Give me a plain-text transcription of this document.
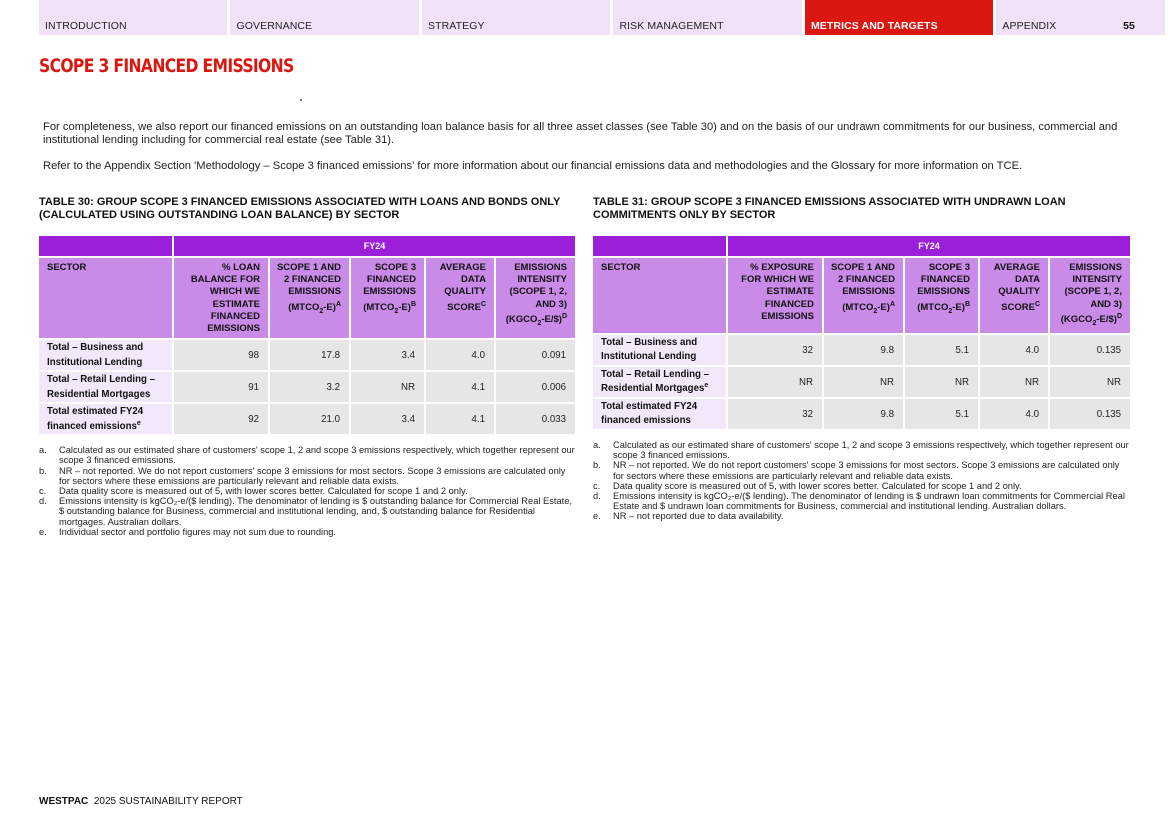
INTRODUCTION	GOVERNANCE	STRATEGY	RISK MANAGEMENT	METRICS AND TARGETS	APPENDIX	55
SCOPE 3 FINANCED EMISSIONS

For completeness, we also report our financed emissions on an outstanding loan balance basis for all three asset classes (see Table 30) and on the basis of our undrawn commitments for our business, commercial and institutional lending including for commercial real estate (see Table 31).

Refer to the Appendix Section 'Methodology – Scope 3 financed emissions' for more information about our financial emissions data and methodologies and the Glossary for more information on TCE.

TABLE 30: GROUP SCOPE 3 FINANCED EMISSIONS ASSOCIATED WITH LOANS AND BONDS ONLY (CALCULATED USING OUTSTANDING LOAN BALANCE) BY SECTOR
	FY24				
SECTOR	% LOAN BALANCE FOR WHICH WE ESTIMATE FINANCED EMISSIONS	SCOPE 1 AND 2 FINANCED EMISSIONS $(MTCO_2-E)^A$	SCOPE 3 FINANCED EMISSIONS $(MTCO_2-E)^B$	AVERAGE DATA QUALITY $SCORE^C$	EMISSIONS INTENSITY (SCOPE 1, 2, AND 3) $(KGCO_2-E/\$)^D$
Total – Business and Institutional Lending	98	17.8	3.4	4.0	0.091
Total – Retail Lending – Residential Mortgages	91	3.2	NR	4.1	0.006
Total estimated FY24 financed emissions$^e$	92	21.0	3.4	4.1	0.033
a.	Calculated as our estimated share of customers' scope 1, 2 and scope 3 emissions respectively, which together represent our scope 3 financed emissions.
b.	NR – not reported. We do not report customers' scope 3 emissions for most sectors. Scope 3 emissions are calculated only for sectors where these emissions are particularly relevant and reliable data exists.
c.	Data quality score is measured out of 5, with lower scores better. Calculated for scope 1 and 2 only.
d.	Emissions intensity is kgCO₂-e/($ lending). The denominator of lending is $ outstanding balance for Commercial Real Estate, $ outstanding balance for Business, commercial and institutional lending, and, $ outstanding balance for Residential mortgages. Australian dollars.
e.	Individual sector and portfolio figures may not sum due to rounding.
TABLE 31: GROUP SCOPE 3 FINANCED EMISSIONS ASSOCIATED WITH UNDRAWN LOAN COMMITMENTS ONLY BY SECTOR
	FY24				
SECTOR	% EXPOSURE FOR WHICH WE ESTIMATE FINANCED EMISSIONS	SCOPE 1 AND 2 FINANCED EMISSIONS $(MTCO_2-E)^A$	SCOPE 3 FINANCED EMISSIONS $(MTCO_2-E)^B$	AVERAGE DATA QUALITY $SCORE^C$	EMISSIONS INTENSITY (SCOPE 1, 2, AND 3) $(KGCO_2-E/\$)^D$
Total – Business and Institutional Lending	32	9.8	5.1	4.0	0.135
Total – Retail Lending – Residential Mortgages$^e$	NR	NR	NR	NR	NR
Total estimated FY24 financed emissions	32	9.8	5.1	4.0	0.135
a.	Calculated as our estimated share of customers' scope 1, 2 and scope 3 emissions respectively, which together represent our scope 3 financed emissions.
b.	NR – not reported. We do not report customers' scope 3 emissions for most sectors. Scope 3 emissions are calculated only for sectors where these emissions are particularly relevant and reliable data exists.
c.	Data quality score is measured out of 5, with lower scores better. Calculated for scope 1 and 2 only.
d.	Emissions intensity is kgCO₂-e/($ lending). The denominator of lending is $ undrawn loan commitments for Commercial Real Estate and $ undrawn loan commitments for Business, commercial and institutional lending. Australian dollars.
e.	NR – not reported due to data availability.
WESTPAC 2025 SUSTAINABILITY REPORT
